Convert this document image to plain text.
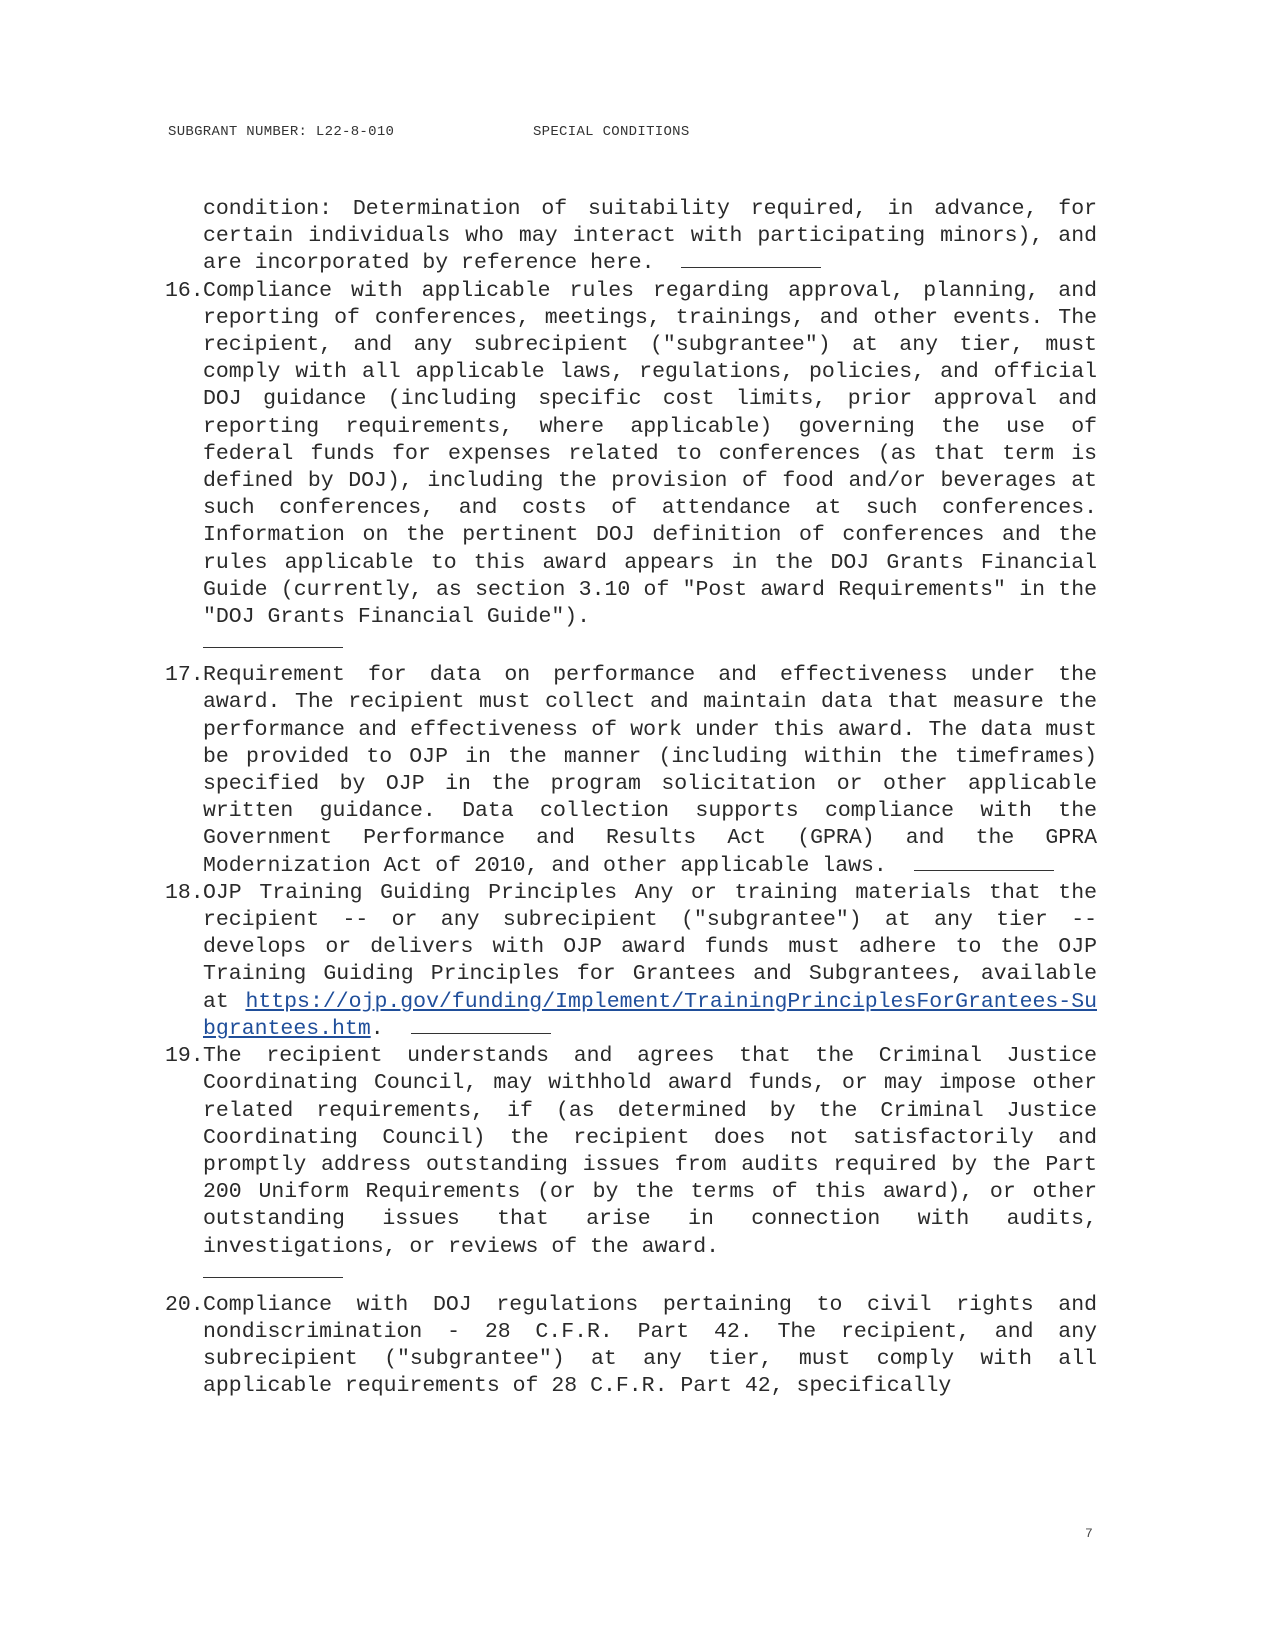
SUBGRANT NUMBER: L22-8-010	SPECIAL CONDITIONS
condition: Determination of suitability required, in advance, for certain individuals who may interact with participating minors), and are incorporated by reference here.
16. Compliance with applicable rules regarding approval, planning, and reporting of conferences, meetings, trainings, and other events. The recipient, and any subrecipient ("subgrantee") at any tier, must comply with all applicable laws, regulations, policies, and official DOJ guidance (including specific cost limits, prior approval and reporting requirements, where applicable) governing the use of federal funds for expenses related to conferences (as that term is defined by DOJ), including the provision of food and/or beverages at such conferences, and costs of attendance at such conferences. Information on the pertinent DOJ definition of conferences and the rules applicable to this award appears in the DOJ Grants Financial Guide (currently, as section 3.10 of "Post award Requirements" in the "DOJ Grants Financial Guide").
17. Requirement for data on performance and effectiveness under the award. The recipient must collect and maintain data that measure the performance and effectiveness of work under this award. The data must be provided to OJP in the manner (including within the timeframes) specified by OJP in the program solicitation or other applicable written guidance. Data collection supports compliance with the Government Performance and Results Act (GPRA) and the GPRA Modernization Act of 2010, and other applicable laws.
18. OJP Training Guiding Principles Any or training materials that the recipient -- or any subrecipient ("subgrantee") at any tier -- develops or delivers with OJP award funds must adhere to the OJP Training Guiding Principles for Grantees and Subgrantees, available at https://ojp.gov/funding/Implement/TrainingPrinciplesForGrantees-Subgrantees.htm.
19. The recipient understands and agrees that the Criminal Justice Coordinating Council, may withhold award funds, or may impose other related requirements, if (as determined by the Criminal Justice Coordinating Council) the recipient does not satisfactorily and promptly address outstanding issues from audits required by the Part 200 Uniform Requirements (or by the terms of this award), or other outstanding issues that arise in connection with audits, investigations, or reviews of the award.
20. Compliance with DOJ regulations pertaining to civil rights and nondiscrimination - 28 C.F.R. Part 42. The recipient, and any subrecipient ("subgrantee") at any tier, must comply with all applicable requirements of 28 C.F.R. Part 42, specifically
7
